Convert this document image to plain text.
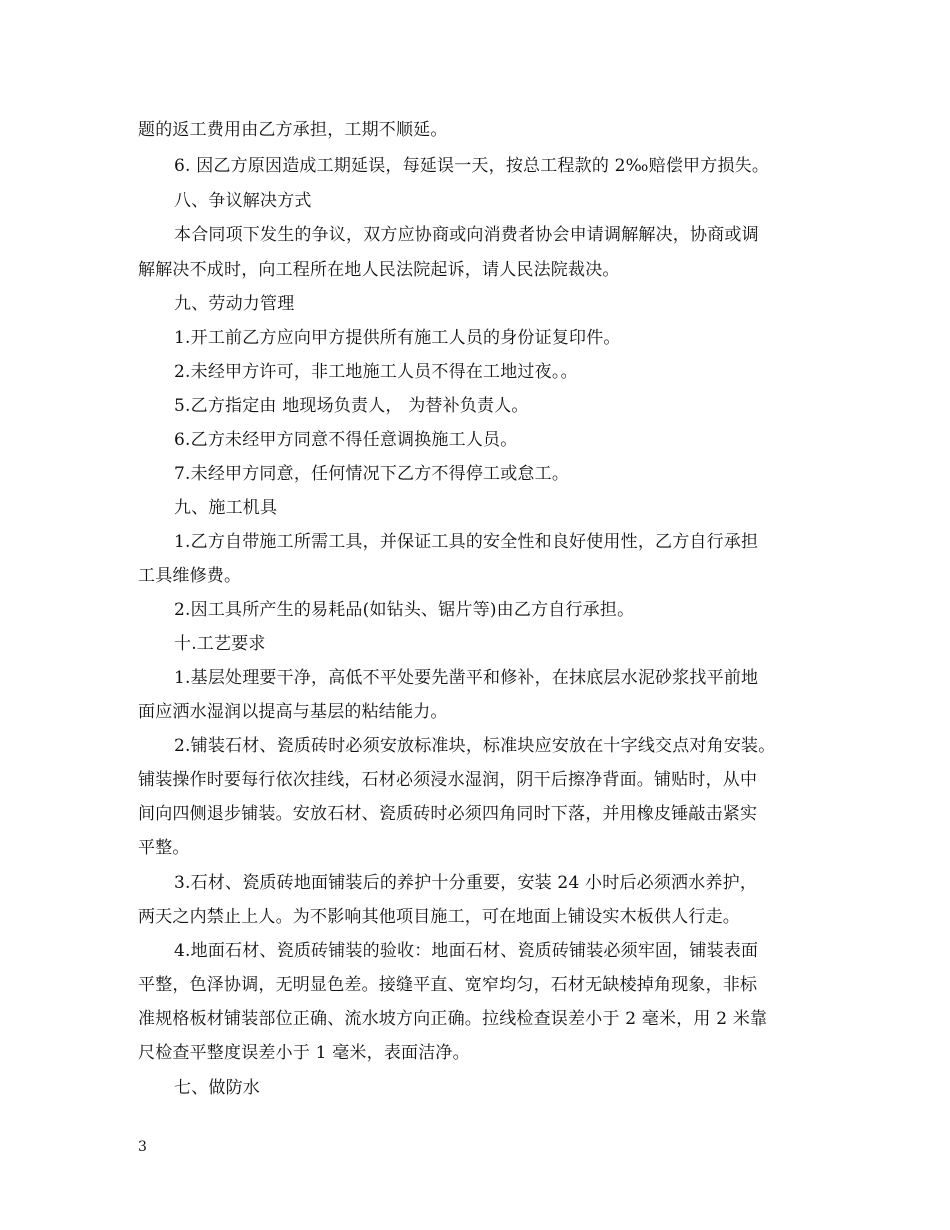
题的返工费用由乙方承担，工期不顺延。
6. 因乙方原因造成工期延误，每延误一天，按总工程款的 2‰赔偿甲方损失。
八、争议解决方式
本合同项下发生的争议，双方应协商或向消费者协会申请调解解决，协商或调
解解决不成时，向工程所在地人民法院起诉，请人民法院裁决。
九、劳动力管理
1.开工前乙方应向甲方提供所有施工人员的身份证复印件。
2.未经甲方许可，非工地施工人员不得在工地过夜。。
5.乙方指定由 地现场负责人， 为替补负责人。
6.乙方未经甲方同意不得任意调换施工人员。
7.未经甲方同意，任何情况下乙方不得停工或怠工。
九、施工机具
1.乙方自带施工所需工具，并保证工具的安全性和良好使用性，乙方自行承担
工具维修费。
2.因工具所产生的易耗品(如钻头、锯片等)由乙方自行承担。
十.工艺要求
1.基层处理要干净，高低不平处要先凿平和修补，在抹底层水泥砂浆找平前地
面应洒水湿润以提高与基层的粘结能力。
2.铺装石材、瓷质砖时必须安放标准块，标准块应安放在十字线交点对角安装。
铺装操作时要每行依次挂线，石材必须浸水湿润，阴干后擦净背面。铺贴时，从中
间向四侧退步铺装。安放石材、瓷质砖时必须四角同时下落，并用橡皮锤敲击紧实
平整。
3.石材、瓷质砖地面铺装后的养护十分重要，安装 24 小时后必须洒水养护，
两天之内禁止上人。为不影响其他项目施工，可在地面上铺设实木板供人行走。
4.地面石材、瓷质砖铺装的验收：地面石材、瓷质砖铺装必须牢固，铺装表面
平整，色泽协调，无明显色差。接缝平直、宽窄均匀，石材无缺棱掉角现象，非标
准规格板材铺装部位正确、流水坡方向正确。拉线检查误差小于 2 毫米，用 2 米靠
尺检查平整度误差小于 1 毫米，表面洁净。
七、做防水
3
